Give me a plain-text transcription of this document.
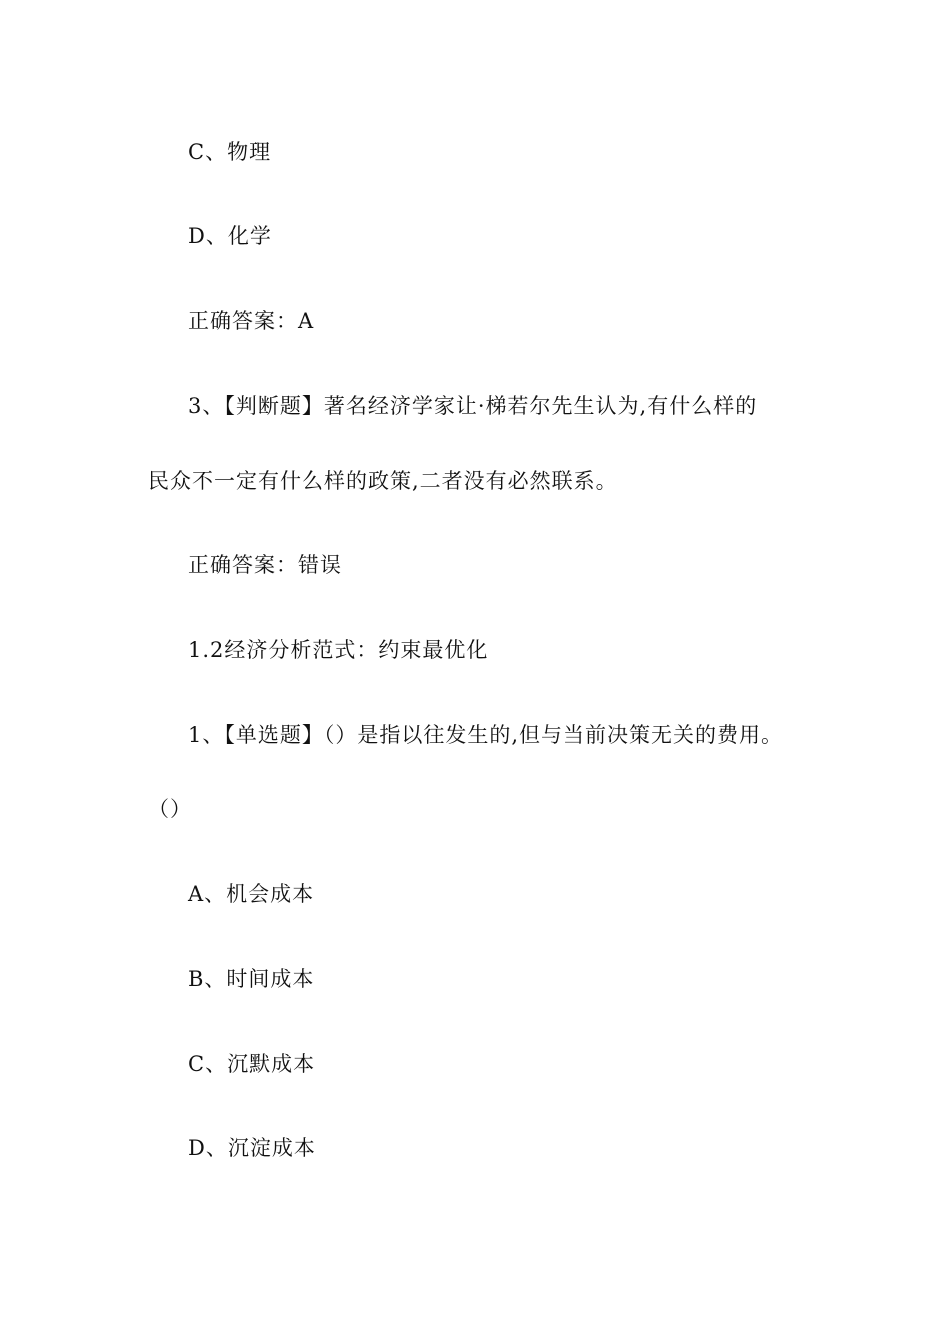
C、物理
D、化学
正确答案：A
3、【判断题】著名经济学家让·梯若尔先生认为,有什么样的
民众不一定有什么样的政策,二者没有必然联系。
正确答案：错误
1.2经济分析范式：约束最优化
1、【单选题】（）是指以往发生的,但与当前决策无关的费用。
（）
A、机会成本
B、时间成本
C、沉默成本
D、沉淀成本
